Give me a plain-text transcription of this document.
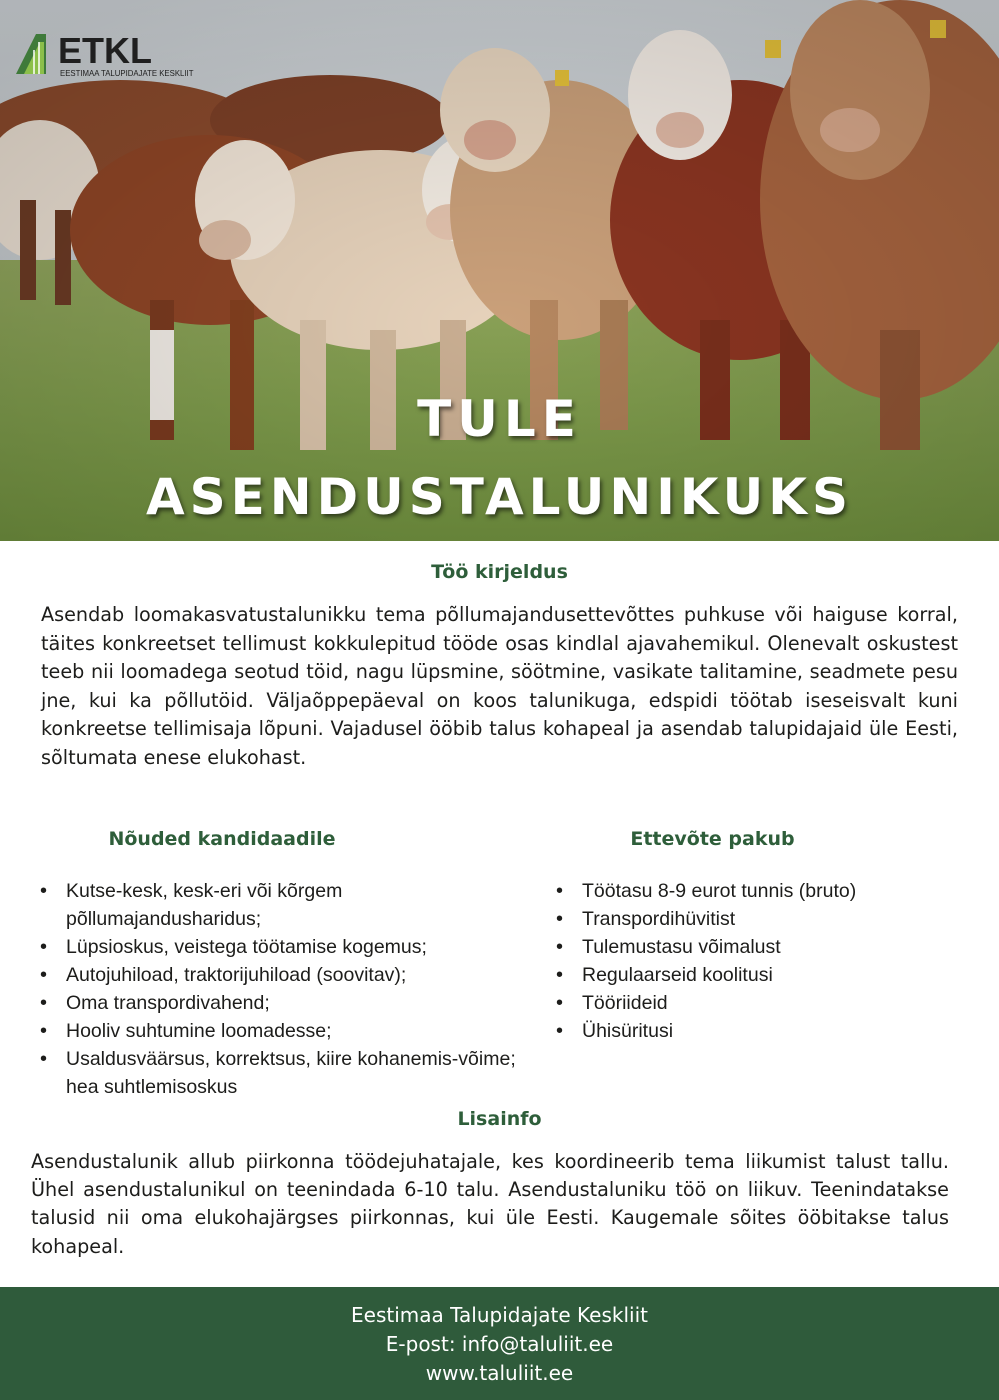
ETKL
EESTIMAA TALUPIDAJATE KESKLIIT
TULE
ASENDUSTALUNIKUKS
Töö kirjeldus
Asendab loomakasvatustalunikku tema põllumajandusettevõttes puhkuse või haiguse korral, täites konkreetset tellimust kokkulepitud tööde osas kindlal ajavahemikul. Olenevalt oskustest teeb nii loomadega seotud töid, nagu lüpsmine, söötmine, vasikate talitamine, seadmete pesu jne, kui ka põllutöid. Väljaõppepäeval on koos talunikuga, edspidi töötab iseseisvalt kuni konkreetse tellimisaja lõpuni. Vajadusel ööbib talus kohapeal ja asendab talupidajaid üle Eesti, sõltumata enese elukohast.
Nõuded kandidaadile	Ettevõte pakub
• Kutse-kesk, kesk-eri või kõrgem põllumajandusharidus;
• Lüpsioskus, veistega töötamise kogemus;
• Autojuhiload, traktorijuhiload (soovitav);
• Oma transpordivahend;
• Hooliv suhtumine loomadesse;
• Usaldusväärsus, korrektsus, kiire kohanemis-võime; hea suhtlemisoskus
• Töötasu 8-9 eurot tunnis (bruto)
• Transpordihüvitist
• Tulemustasu võimalust
• Regulaarseid koolitusi
• Tööriideid
• Ühisüritusi
Lisainfo
Asendustalunik allub piirkonna töödejuhatajale, kes koordineerib tema liikumist talust tallu. Ühel asendustalunikul on teenindada 6-10 talu. Asendustaluniku töö on liikuv. Teenindatakse talusid nii oma elukohajärgses piirkonnas, kui üle Eesti. Kaugemale sõites ööbitakse talus kohapeal.
Eestimaa Talupidajate Keskliit
E-post: info@taluliit.ee
www.taluliit.ee
